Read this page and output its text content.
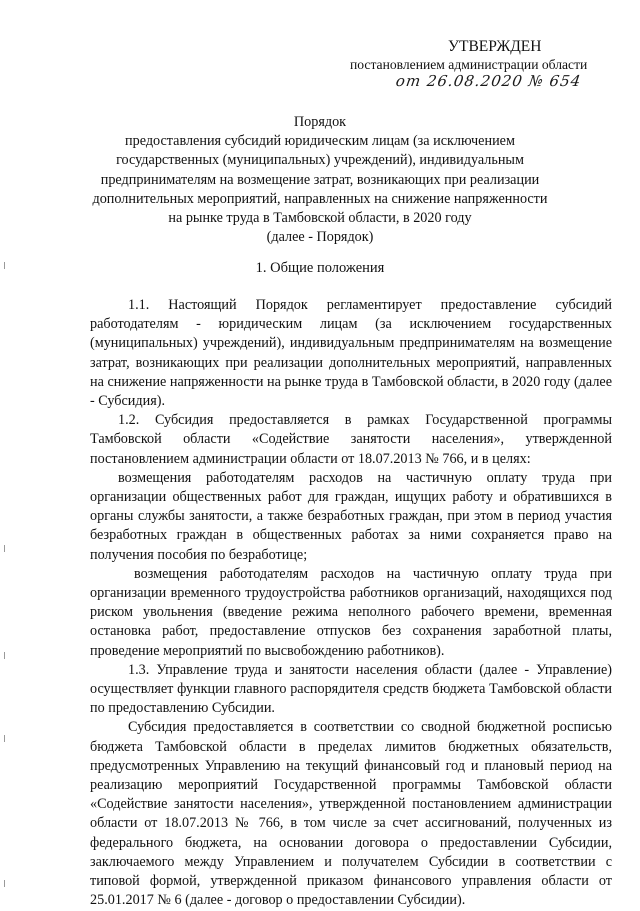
УТВЕРЖДЕН
постановлением администрации области
от 26.08.2020 № 654
Порядок
предоставления субсидий юридическим лицам (за исключением
государственных (муниципальных) учреждений), индивидуальным
предпринимателям на возмещение затрат, возникающих при реализации
дополнительных мероприятий, направленных на снижение напряженности
на рынке труда в Тамбовской области, в 2020 году
(далее - Порядок)
1. Общие положения

1.1. Настоящий Порядок регламентирует предоставление субсидий работодателям - юридическим лицам (за исключением государственных (муниципальных) учреждений), индивидуальным предпринимателям на возмещение затрат, возникающих при реализации дополнительных мероприятий, направленных на снижение напряженности на рынке труда в Тамбовской области, в 2020 году (далее - Субсидия).

1.2. Субсидия предоставляется в рамках Государственной программы Тамбовской области «Содействие занятости населения», утвержденной постановлением администрации области от 18.07.2013 № 766, и в целях:

возмещения работодателям расходов на частичную оплату труда при организации общественных работ для граждан, ищущих работу и обратившихся в органы службы занятости, а также безработных граждан, при этом в период участия безработных граждан в общественных работах за ними сохраняется право на получения пособия по безработице;

возмещения работодателям расходов на частичную оплату труда при организации временного трудоустройства работников организаций, находящихся под риском увольнения (введение режима неполного рабочего времени, временная остановка работ, предоставление отпусков без сохранения заработной платы, проведение мероприятий по высвобождению работников).

1.3. Управление труда и занятости населения области (далее - Управление) осуществляет функции главного распорядителя средств бюджета Тамбовской области по предоставлению Субсидии.

Субсидия предоставляется в соответствии со сводной бюджетной росписью бюджета Тамбовской области в пределах лимитов бюджетных обязательств, предусмотренных Управлению на текущий финансовый год и плановый период на реализацию мероприятий Государственной программы Тамбовской области «Содействие занятости населения», утвержденной постановлением администрации области от 18.07.2013 № 766, в том числе за счет ассигнований, полученных из федерального бюджета, на основании договора о предоставлении Субсидии, заключаемого между Управлением и получателем Субсидии в соответствии с типовой формой, утвержденной приказом финансового управления области от 25.01.2017 № 6 (далее - договор о предоставлении Субсидии).
